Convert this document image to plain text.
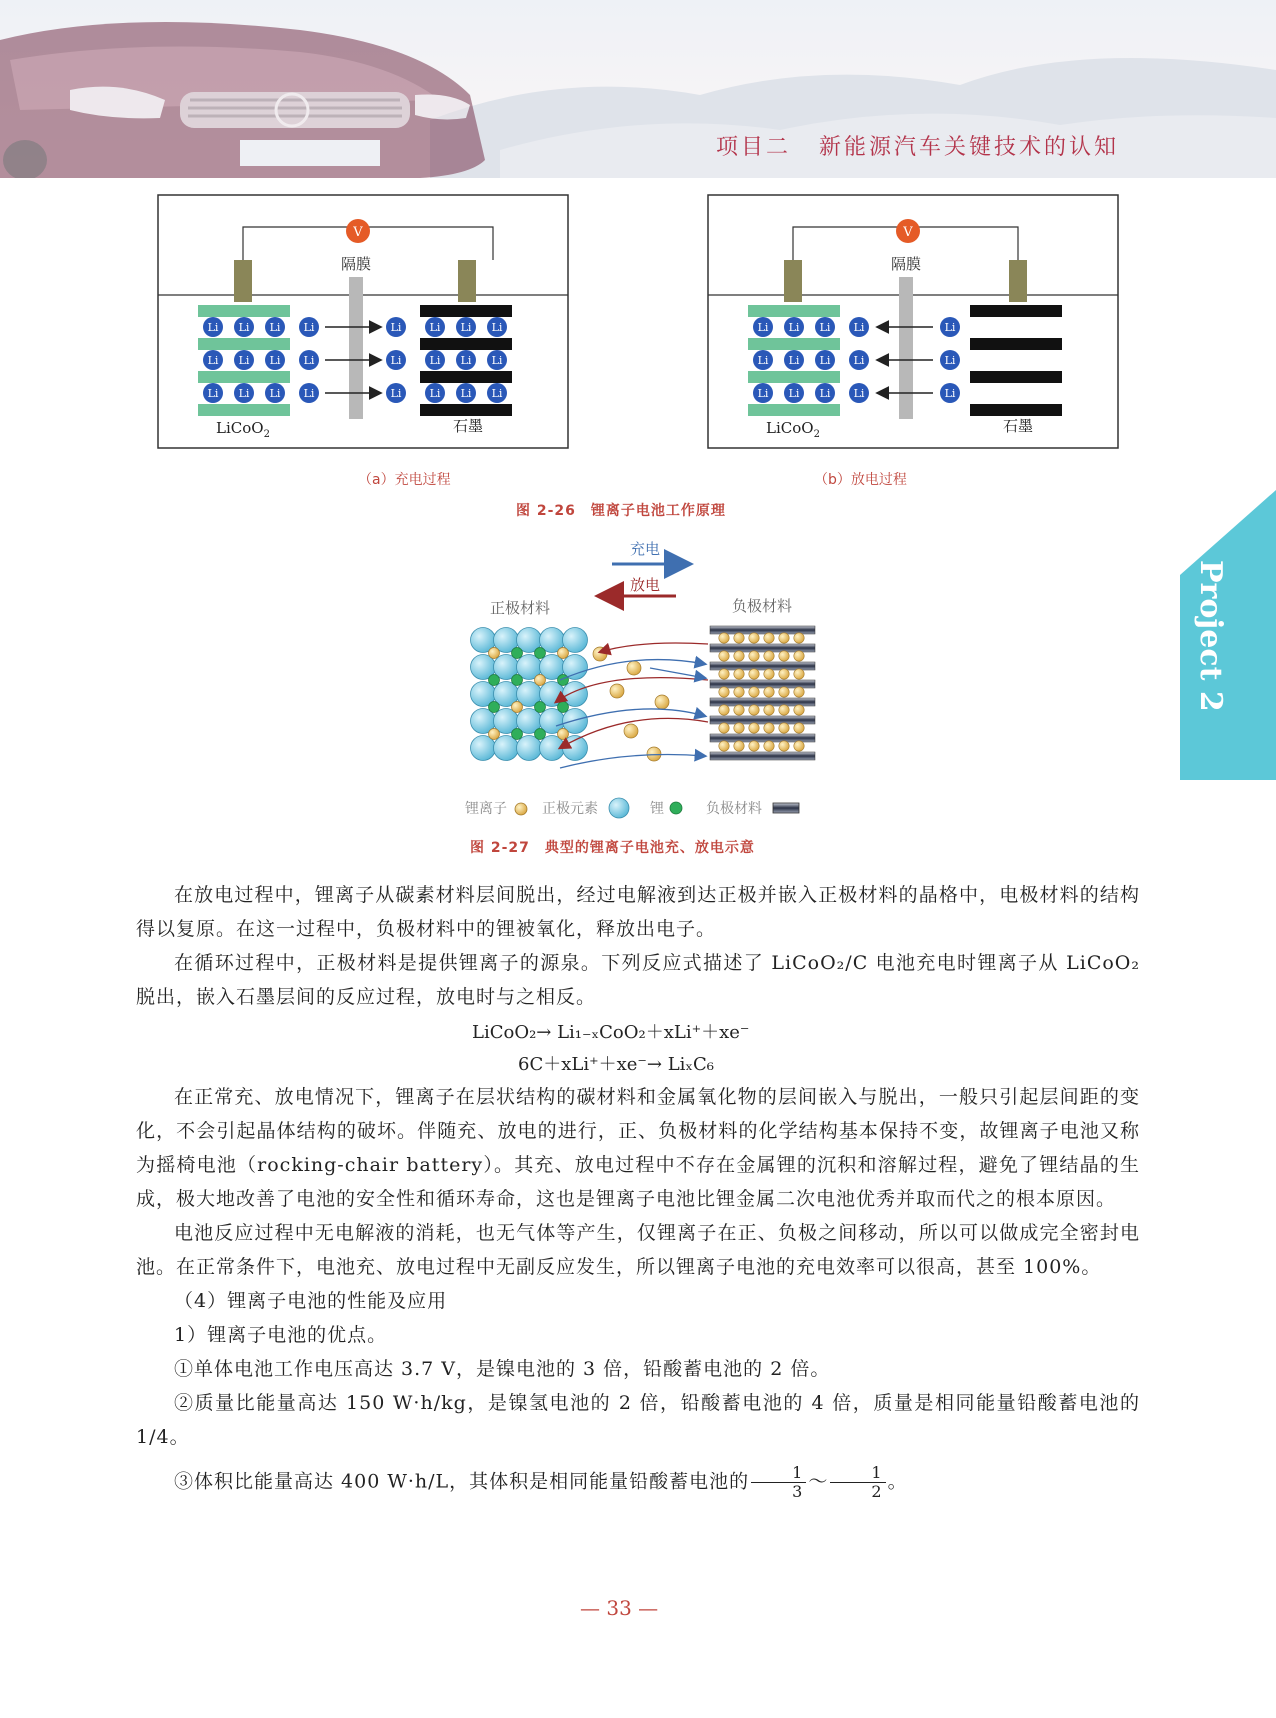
项目二 新能源汽车关键技术的认知
Project 2
V
隔膜
Li Li Li	Li Li Li
Li	Li
Li Li Li	Li Li Li
Li	Li
Li Li Li	Li Li Li
Li	Li
LiCoO$_2$	石墨
V
隔膜
Li Li Li Li	Li
Li Li Li Li	Li
Li Li Li Li	Li
LiCoO$_2$	石墨
（a）充电过程	（b）放电过程
图 2-26　锂离子电池工作原理
充电
放电
正极材料	负极材料
锂离子	正极元素	锂	负极材料
图 2-27　典型的锂离子电池充、放电示意

在放电过程中，锂离子从碳素材料层间脱出，经过电解液到达正极并嵌入正极材料的晶格中，电极材料的结构得以复原。在这一过程中，负极材料中的锂被氧化，释放出电子。

在循环过程中，正极材料是提供锂离子的源泉。下列反应式描述了 LiCoO₂/C 电池充电时锂离子从 LiCoO₂ 脱出，嵌入石墨层间的反应过程，放电时与之相反。

LiCoO₂→ Li₁₋ₓCoO₂＋xLi⁺＋xe⁻
6C＋xLi⁺＋xe⁻→ LiₓC₆

在正常充、放电情况下，锂离子在层状结构的碳材料和金属氧化物的层间嵌入与脱出，一般只引起层间距的变化，不会引起晶体结构的破坏。伴随充、放电的进行，正、负极材料的化学结构基本保持不变，故锂离子电池又称为摇椅电池（rocking-chair battery）。其充、放电过程中不存在金属锂的沉积和溶解过程，避免了锂结晶的生成，极大地改善了电池的安全性和循环寿命，这也是锂离子电池比锂金属二次电池优秀并取而代之的根本原因。

电池反应过程中无电解液的消耗，也无气体等产生，仅锂离子在正、负极之间移动，所以可以做成完全密封电池。在正常条件下，电池充、放电过程中无副反应发生，所以锂离子电池的充电效率可以很高，甚至 100%。

（4）锂离子电池的性能及应用

1）锂离子电池的优点。

①单体电池工作电压高达 3.7 V，是镍电池的 3 倍，铅酸蓄电池的 2 倍。

②质量比能量高达 150 W·h/kg，是镍氢电池的 2 倍，铅酸蓄电池的 4 倍，质量是相同能量铅酸蓄电池的 1/4。

③体积比能量高达 400 W·h/L，其体积是相同能量铅酸蓄电池的 $\frac{1}{3}$ ～ $\frac{1}{2}$ 。

— 33 —
